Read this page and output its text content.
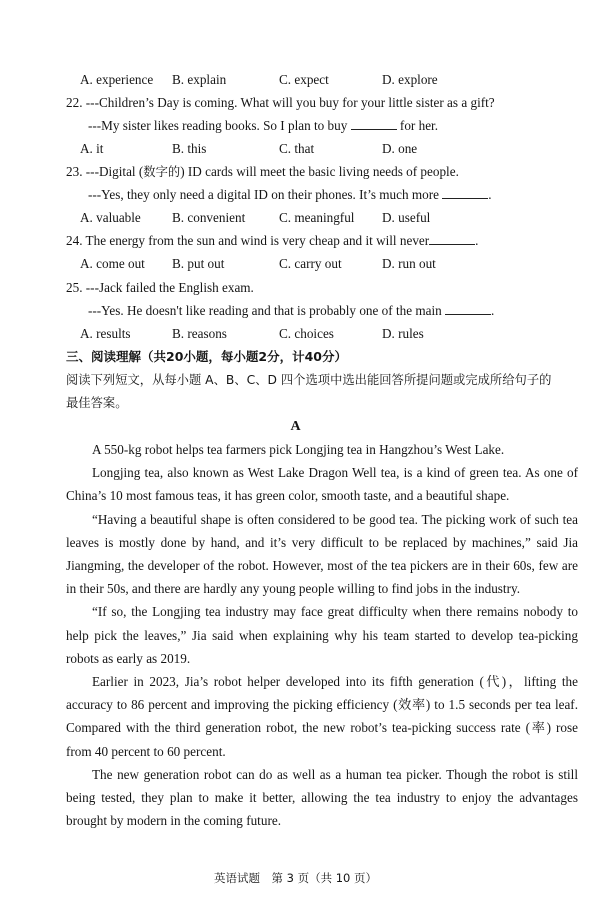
A. experience B. explain	C. expect	D. explore
22. ---Children’s Day is coming. What will you buy for your little sister as a gift?
---My sister likes reading books. So I plan to buy	for her.
A. it	B. this	C. that	D. one
23. ---Digital (数字的) ID cards will meet the basic living needs of people.
---Yes, they only need a digital ID on their phones. It’s much more	.
A. valuable B. convenient	C. meaningful D. useful
24. The energy from the sun and wind is very cheap and it will never	.
A. come out B. put out	C. carry out	D. run out
25. ---Jack failed the English exam.
---Yes. He doesn't like reading and that is probably one of the main	.
A. results	B. reasons	C. choices	D. rules
三、阅读理解（共20小题，每小题2分，计40分）
阅读下列短文，从每小题 A、B、C、D 四个选项中选出能回答所提问题或完成所给句子的
最佳答案。
A

A 550-kg robot helps tea farmers pick Longjing tea in Hangzhou’s West Lake.

Longjing tea, also known as West Lake Dragon Well tea, is a kind of green tea. As one of China’s 10 most famous teas, it has green color, smooth taste, and a beautiful shape.

“Having a beautiful shape is often considered to be good tea. The picking work of such tea leaves is mostly done by hand, and it’s very difficult to be replaced by machines,” said Jia Jiangming, the developer of the robot. However, most of the tea pickers are in their 60s, few are in their 50s, and there are hardly any young people willing to find jobs in the industry.

“If so, the Longjing tea industry may face great difficulty when there remains nobody to help pick the leaves,” Jia said when explaining why his team started to develop tea-picking robots as early as 2019.

Earlier in 2023, Jia’s robot helper developed into its fifth generation (代)，lifting the accuracy to 86 percent and improving the picking efficiency (效率) to 1.5 seconds per tea leaf. Compared with the third generation robot, the new robot’s tea-picking success rate (率) rose from 40 percent to 60 percent.

The new generation robot can do as well as a human tea picker. Though the robot is still being tested, they plan to make it better, allowing the tea industry to enjoy the advantages brought by modern in the coming future.

英语试题　第 3 页（共 10 页）
